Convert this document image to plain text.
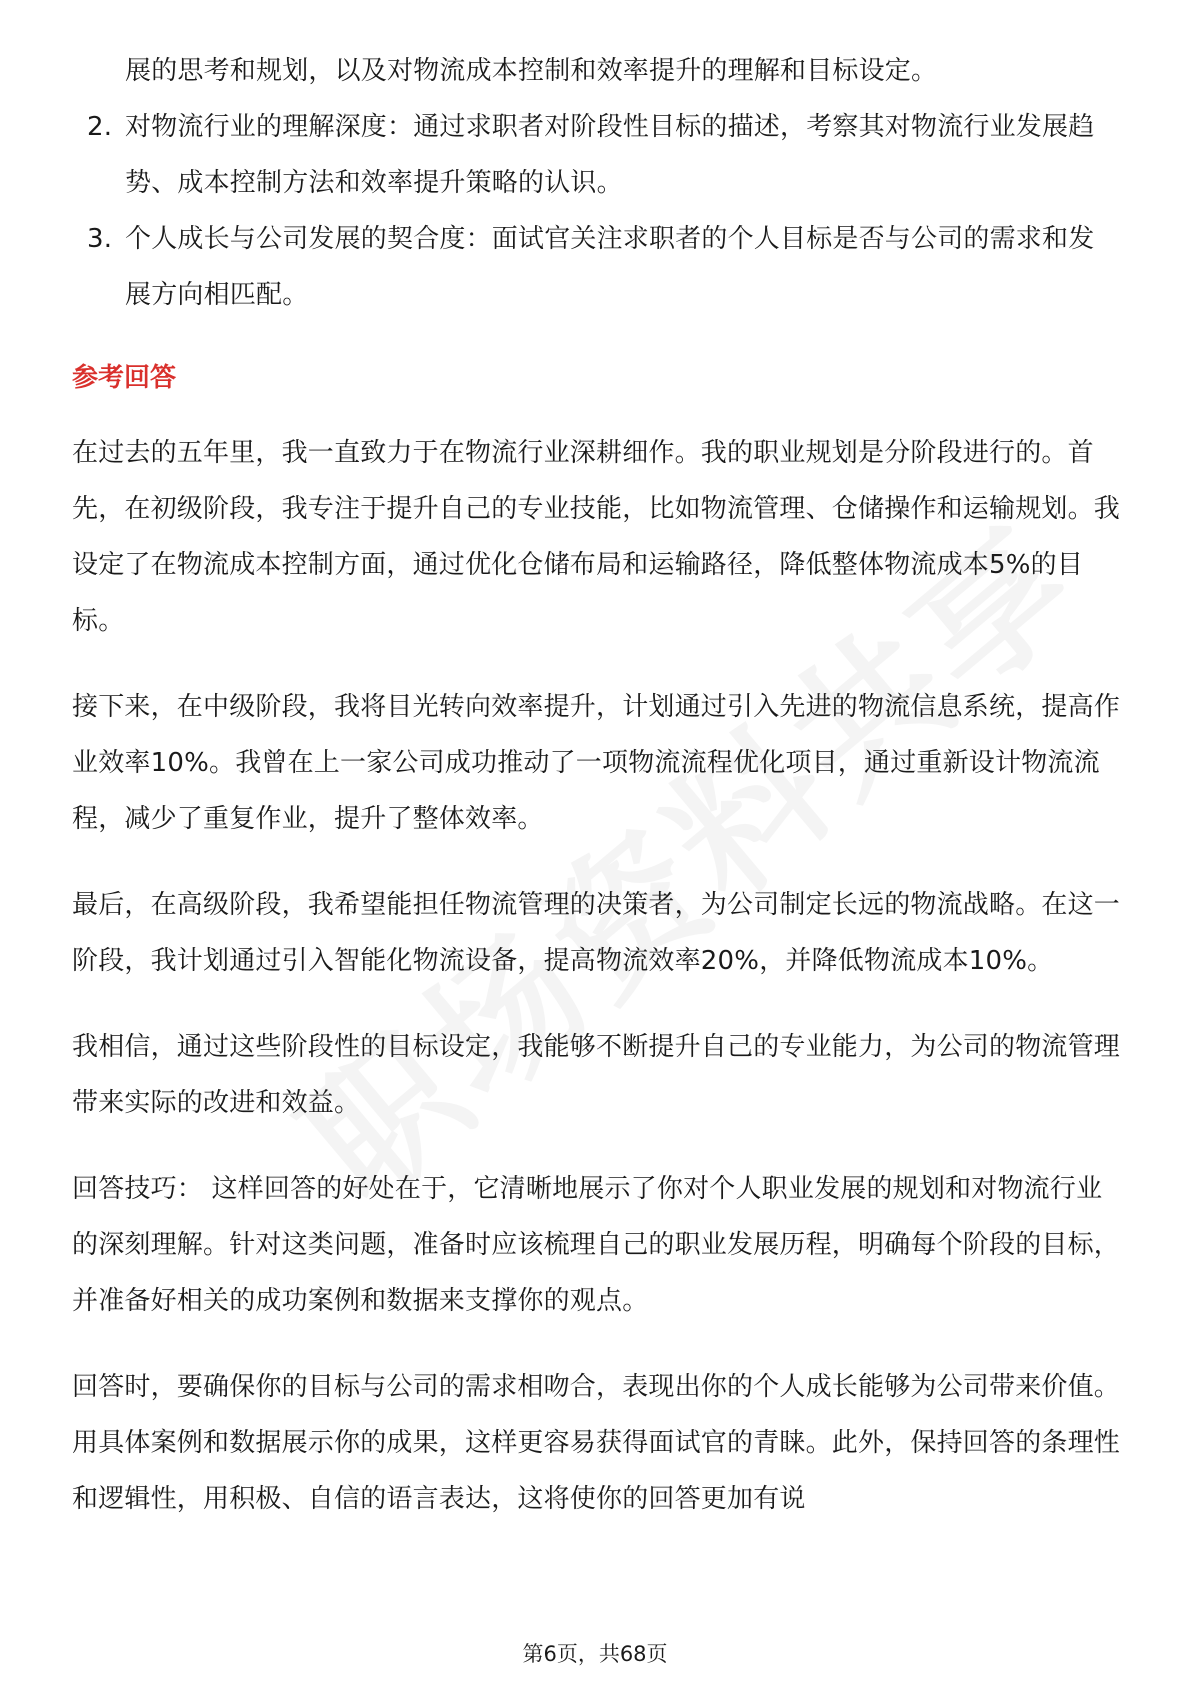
展的思考和规划，以及对物流成本控制和效率提升的理解和目标设定。
2. 对物流行业的理解深度：通过求职者对阶段性目标的描述，考察其对物流行业发展趋势、成本控制方法和效率提升策略的认识。
3. 个人成长与公司发展的契合度：面试官关注求职者的个人目标是否与公司的需求和发展方向相匹配。
参考回答

在过去的五年里，我一直致力于在物流行业深耕细作。我的职业规划是分阶段进行的。首先，在初级阶段，我专注于提升自己的专业技能，比如物流管理、仓储操作和运输规划。我设定了在物流成本控制方面，通过优化仓储布局和运输路径，降低整体物流成本5%的目标。

接下来，在中级阶段，我将目光转向效率提升，计划通过引入先进的物流信息系统，提高作业效率10%。我曾在上一家公司成功推动了一项物流流程优化项目，通过重新设计物流流程，减少了重复作业，提升了整体效率。

最后，在高级阶段，我希望能担任物流管理的决策者，为公司制定长远的物流战略。在这一阶段，我计划通过引入智能化物流设备，提高物流效率20%，并降低物流成本10%。

我相信，通过这些阶段性的目标设定，我能够不断提升自己的专业能力，为公司的物流管理带来实际的改进和效益。

回答技巧： 这样回答的好处在于，它清晰地展示了你对个人职业发展的规划和对物流行业的深刻理解。针对这类问题，准备时应该梳理自己的职业发展历程，明确每个阶段的目标，并准备好相关的成功案例和数据来支撑你的观点。

回答时，要确保你的目标与公司的需求相吻合，表现出你的个人成长能够为公司带来价值。用具体案例和数据展示你的成果，这样更容易获得面试官的青睐。此外，保持回答的条理性和逻辑性，用积极、自信的语言表达，这将使你的回答更加有说

第6页，共68页
